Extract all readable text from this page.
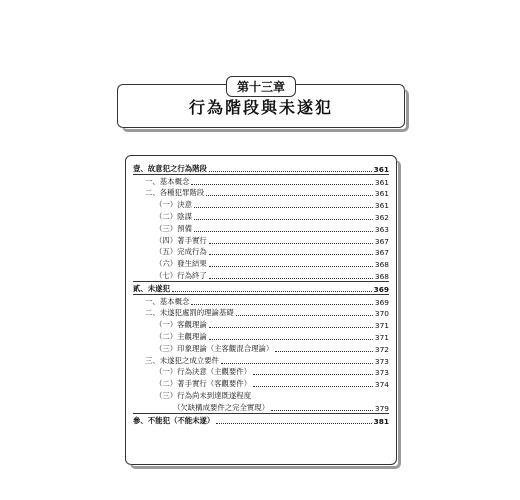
第十三章
行為階段與未遂犯
壹、故意犯之行為階段	361
一、基本概念	361
二、各種犯罪階段	361
（一）決意	361
（二）陰謀	362
（三）預備	363
（四）著手實行	367
（五）完成行為	367
（六）發生結果	368
（七）行為終了	368
貳、未遂犯	369
一、基本概念	369
二、未遂犯處罰的理論基礎	370
（一）客觀理論	371
（二）主觀理論	371
（三）印象理論（主客觀混合理論）	372
三、未遂犯之成立要件	373
（一）行為決意（主觀要件）	373
（二）著手實行（客觀要件）	374
（三）行為尚未到達既遂程度
（欠缺構成要件之完全實現）	379
參、不能犯（不能未遂）	381
